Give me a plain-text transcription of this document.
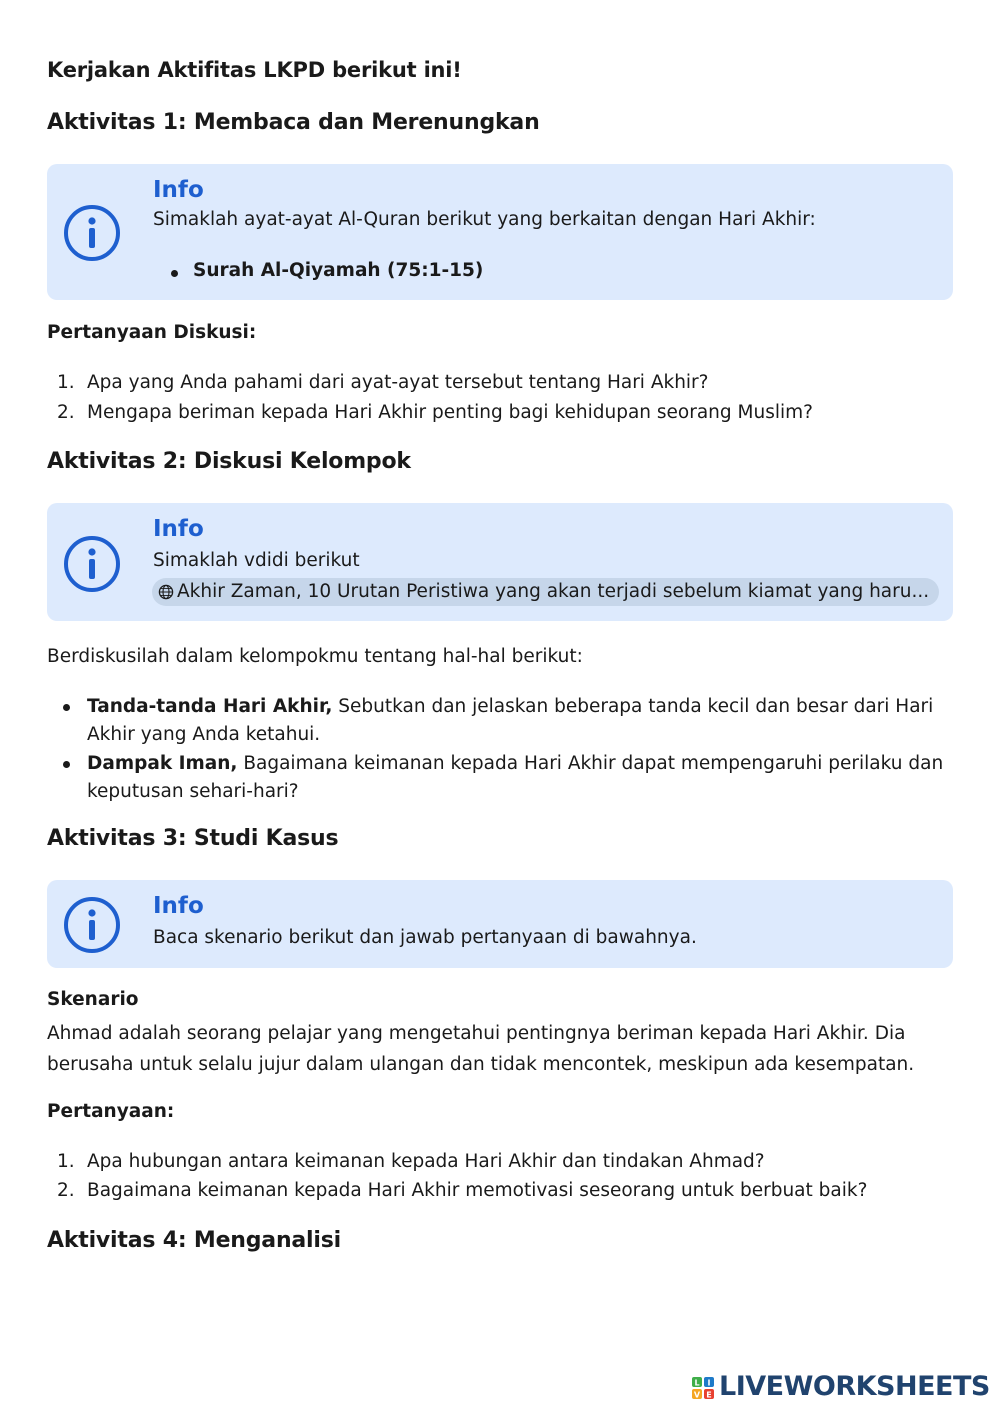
Kerjakan Aktifitas LKPD berikut ini!
Aktivitas 1: Membaca dan Merenungkan
Info
Simaklah ayat-ayat Al-Quran berikut yang berkaitan dengan Hari Akhir:
Surah Al-Qiyamah (75:1-15)
Pertanyaan Diskusi:
1. Apa yang Anda pahami dari ayat-ayat tersebut tentang Hari Akhir?
2. Mengapa beriman kepada Hari Akhir penting bagi kehidupan seorang Muslim?
Aktivitas 2: Diskusi Kelompok
Info
Simaklah vdidi berikut
Akhir Zaman, 10 Urutan Peristiwa yang akan terjadi sebelum kiamat yang haru...
Berdiskusilah dalam kelompokmu tentang hal-hal berikut:
Tanda-tanda Hari Akhir, Sebutkan dan jelaskan beberapa tanda kecil dan besar dari Hari
Akhir yang Anda ketahui.
Dampak Iman, Bagaimana keimanan kepada Hari Akhir dapat mempengaruhi perilaku dan
keputusan sehari-hari?
Aktivitas 3: Studi Kasus
Info
Baca skenario berikut dan jawab pertanyaan di bawahnya.
Skenario
Ahmad adalah seorang pelajar yang mengetahui pentingnya beriman kepada Hari Akhir. Dia
berusaha untuk selalu jujur dalam ulangan dan tidak mencontek, meskipun ada kesempatan.
Pertanyaan:
1. Apa hubungan antara keimanan kepada Hari Akhir dan tindakan Ahmad?
2. Bagaimana keimanan kepada Hari Akhir memotivasi seseorang untuk berbuat baik?
Aktivitas 4: Menganalisi
L I
V E LIVEWORKSHEETS
